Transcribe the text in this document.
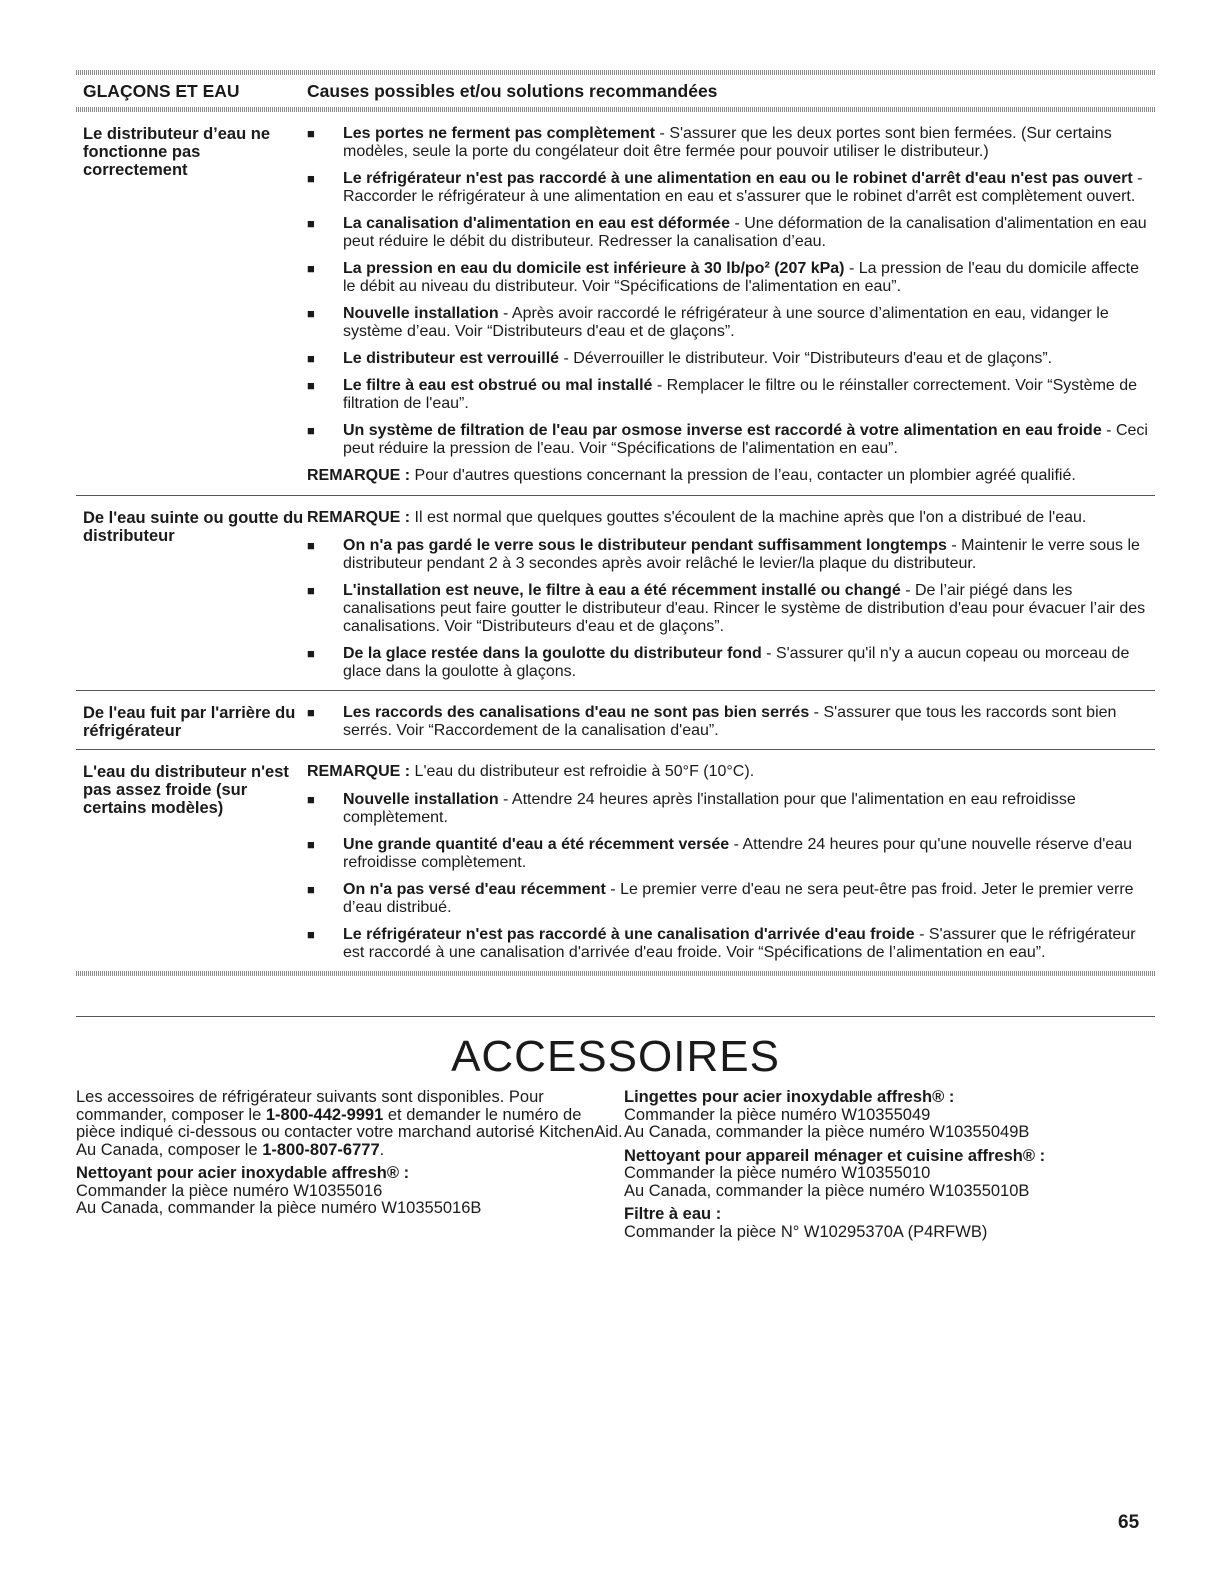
GLAÇONS ET EAU	Causes possibles et/ou solutions recommandées
Le distributeur d’eau ne fonctionne pas correctement
■	Les portes ne ferment pas complètement - S'assurer que les deux portes sont bien fermées. (Sur certains modèles, seule la porte du congélateur doit être fermée pour pouvoir utiliser le distributeur.)
■	Le réfrigérateur n'est pas raccordé à une alimentation en eau ou le robinet d'arrêt d'eau n'est pas ouvert - Raccorder le réfrigérateur à une alimentation en eau et s'assurer que le robinet d'arrêt est complètement ouvert.
■	La canalisation d'alimentation en eau est déformée - Une déformation de la canalisation d'alimentation en eau peut réduire le débit du distributeur. Redresser la canalisation d’eau.
■	La pression en eau du domicile est inférieure à 30 lb/po² (207 kPa) - La pression de l'eau du domicile affecte le débit au niveau du distributeur. Voir “Spécifications de l'alimentation en eau”.
■	Nouvelle installation - Après avoir raccordé le réfrigérateur à une source d’alimentation en eau, vidanger le système d’eau. Voir “Distributeurs d'eau et de glaçons”.
■	Le distributeur est verrouillé - Déverrouiller le distributeur. Voir “Distributeurs d'eau et de glaçons”.
■	Le filtre à eau est obstrué ou mal installé - Remplacer le filtre ou le réinstaller correctement. Voir “Système de filtration de l'eau”.
■	Un système de filtration de l'eau par osmose inverse est raccordé à votre alimentation en eau froide - Ceci peut réduire la pression de l'eau. Voir “Spécifications de l'alimentation en eau”.
REMARQUE : Pour d'autres questions concernant la pression de l’eau, contacter un plombier agréé qualifié.
De l'eau suinte ou goutte du distributeur
REMARQUE : Il est normal que quelques gouttes s'écoulent de la machine après que l'on a distribué de l'eau.
■	On n'a pas gardé le verre sous le distributeur pendant suffisamment longtemps - Maintenir le verre sous le distributeur pendant 2 à 3 secondes après avoir relâché le levier/la plaque du distributeur.
■	L'installation est neuve, le filtre à eau a été récemment installé ou changé - De l’air piégé dans les canalisations peut faire goutter le distributeur d'eau. Rincer le système de distribution d'eau pour évacuer l’air des canalisations. Voir “Distributeurs d'eau et de glaçons”.
■	De la glace restée dans la goulotte du distributeur fond - S'assurer qu'il n'y a aucun copeau ou morceau de glace dans la goulotte à glaçons.
De l'eau fuit par l'arrière du réfrigérateur
■	Les raccords des canalisations d'eau ne sont pas bien serrés - S'assurer que tous les raccords sont bien serrés. Voir “Raccordement de la canalisation d'eau”.
L'eau du distributeur n'est pas assez froide (sur certains modèles)
REMARQUE : L'eau du distributeur est refroidie à 50°F (10°C).
■	Nouvelle installation - Attendre 24 heures après l'installation pour que l'alimentation en eau refroidisse complètement.
■	Une grande quantité d'eau a été récemment versée - Attendre 24 heures pour qu'une nouvelle réserve d'eau refroidisse complètement.
■	On n'a pas versé d'eau récemment - Le premier verre d'eau ne sera peut-être pas froid. Jeter le premier verre d’eau distribué.
■	Le réfrigérateur n'est pas raccordé à une canalisation d'arrivée d'eau froide - S'assurer que le réfrigérateur est raccordé à une canalisation d'arrivée d'eau froide. Voir “Spécifications de l’alimentation en eau”.
ACCESSOIRES

Les accessoires de réfrigérateur suivants sont disponibles. Pour commander, composer le 1-800-442-9991 et demander le numéro de pièce indiqué ci-dessous ou contacter votre marchand autorisé KitchenAid. Au Canada, composer le 1-800-807-6777.

Nettoyant pour acier inoxydable affresh® :
Commander la pièce numéro W10355016
Au Canada, commander la pièce numéro W10355016B

Lingettes pour acier inoxydable affresh® :
Commander la pièce numéro W10355049
Au Canada, commander la pièce numéro W10355049B

Nettoyant pour appareil ménager et cuisine affresh® :
Commander la pièce numéro W10355010
Au Canada, commander la pièce numéro W10355010B

Filtre à eau :
Commander la pièce N° W10295370A (P4RFWB)

65
